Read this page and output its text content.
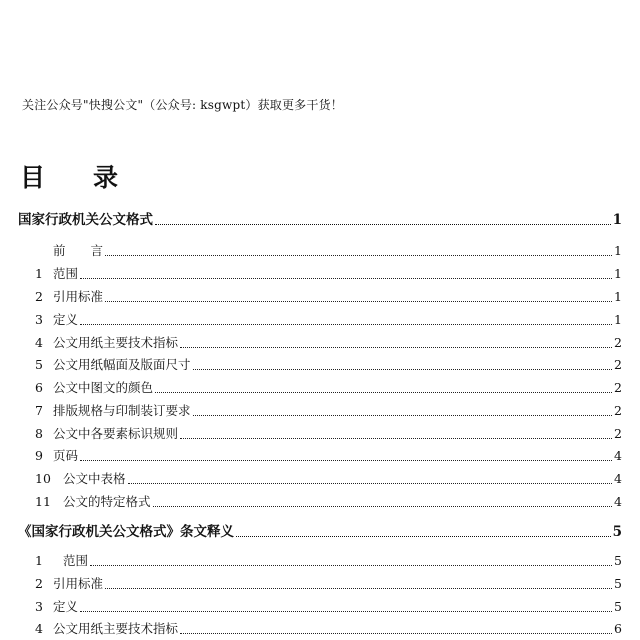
关注公众号"快搜公文"（公众号: ksgwpt）获取更多干货！
目录
国家行政机关公文格式	1
前　　言	1
1 范围	1
2 引用标准	1
3 定义	1
4 公文用纸主要技术指标	2
5 公文用纸幅面及版面尺寸	2
6 公文中图文的颜色	2
7 排版规格与印制装订要求	2
8 公文中各要素标识规则	2
9 页码	4
10 公文中表格	4
11 公文的特定格式	4
《国家行政机关公文格式》条文释义	5
1 范围	5
2 引用标准	5
3 定义	5
4 公文用纸主要技术指标	6
